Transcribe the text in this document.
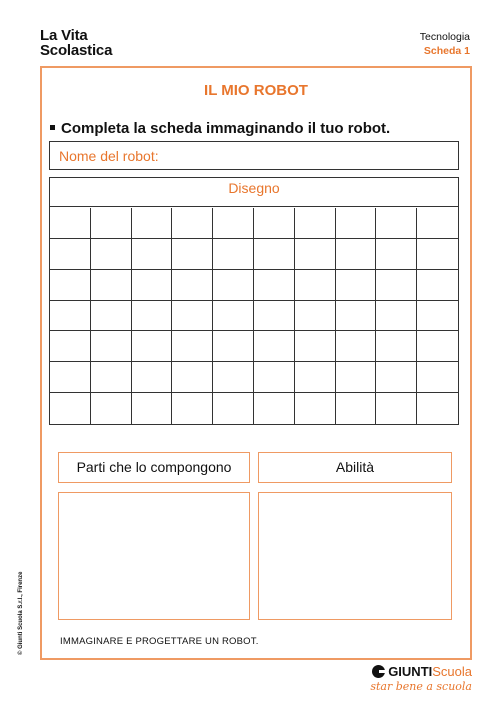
La Vita
Scolastica
Tecnologia
Scheda 1
IL MIO ROBOT
Completa la scheda immaginando il tuo robot.
Nome del robot:
Disegno
Parti che lo compongono	Abilità
IMMAGINARE E PROGETTARE UN ROBOT.
© Giunti Scuola S.r.l., Firenze
GIUNTI Scuola
star bene a scuola
